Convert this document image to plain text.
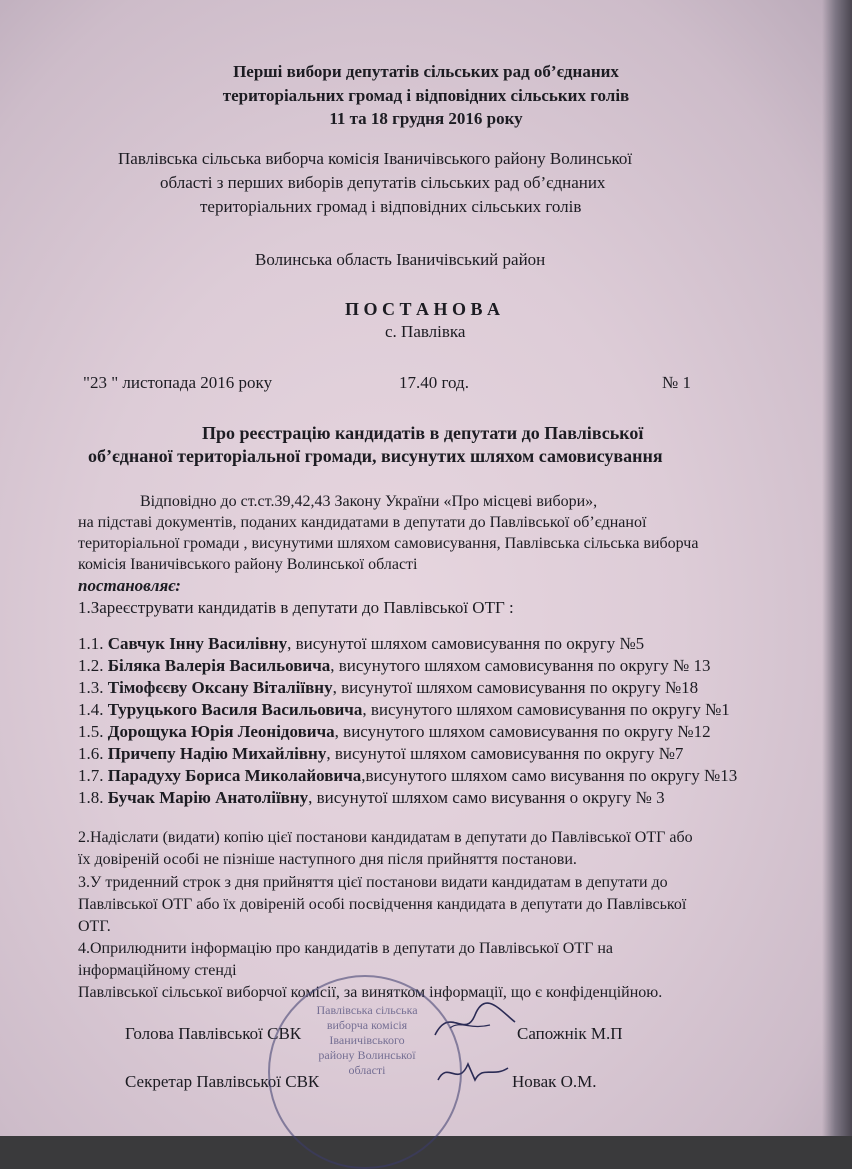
Перші вибори депутатів сільських рад об’єднаних
територіальних громад і відповідних сільських голів
11 та 18 грудня 2016 року
Павлівська сільська виборча комісія Іваничівського району Волинської
області з перших виборів депутатів сільських рад об’єднаних
територіальних громад і відповідних сільських голів
Волинська область Іваничівський район
П О С Т А Н О В А
с. Павлівка
"23 " листопада 2016 року	17.40 год.	№ 1
Про реєстрацію кандидатів в депутати до Павлівської
об’єднаної територіальної громади, висунутих шляхом самовисування
Відповідно до ст.ст.39,42,43 Закону України «Про місцеві вибори»,
на підставі документів, поданих кандидатами в депутати до Павлівської об’єднаної
територіальної громади , висунутими шляхом самовисування, Павлівська сільська виборча
комісія Іваничівського району Волинської області
постановляє:
1.Зареєструвати кандидатів в депутати до Павлівської ОТГ :
1.1. Савчук Інну Василівну, висунутої шляхом самовисування по округу №5
1.2. Біляка Валерія Васильовича, висунутого шляхом самовисування по округу № 13
1.3. Тімофєєву Оксану Віталіївну, висунутої шляхом самовисування по округу №18
1.4. Туруцького Василя Васильовича, висунутого шляхом самовисування по округу №1
1.5. Дорощука Юрія Леонідовича, висунутого шляхом самовисування по округу №12
1.6. Причепу Надію Михайлівну, висунутої шляхом самовисування по округу №7
1.7. Парадуху Бориса Миколайовича,висунутого шляхом само висування по округу №13
1.8. Бучак Марію Анатоліївну, висунутої шляхом само висування о округу № 3
2.Надіслати (видати) копію цієї постанови кандидатам в депутати до Павлівської ОТГ або
їх довіреній особі не пізніше наступного дня після прийняття постанови.
3.У триденний строк з дня прийняття цієї постанови видати кандидатам в депутати до
Павлівської ОТГ або їх довіреній особі посвідчення кандидата в депутати до Павлівської
ОТГ.
4.Оприлюднити інформацію про кандидатів в депутати до Павлівської ОТГ на
інформаційному стенді
Павлівської сільської виборчої комісії, за винятком інформації, що є конфіденційною.
Голова Павлівської СВК	Сапожнік М.П
Секретар Павлівської СВК	Новак О.М.
Павлівська сільська виборча комісія Іваничівського району Волинської області
